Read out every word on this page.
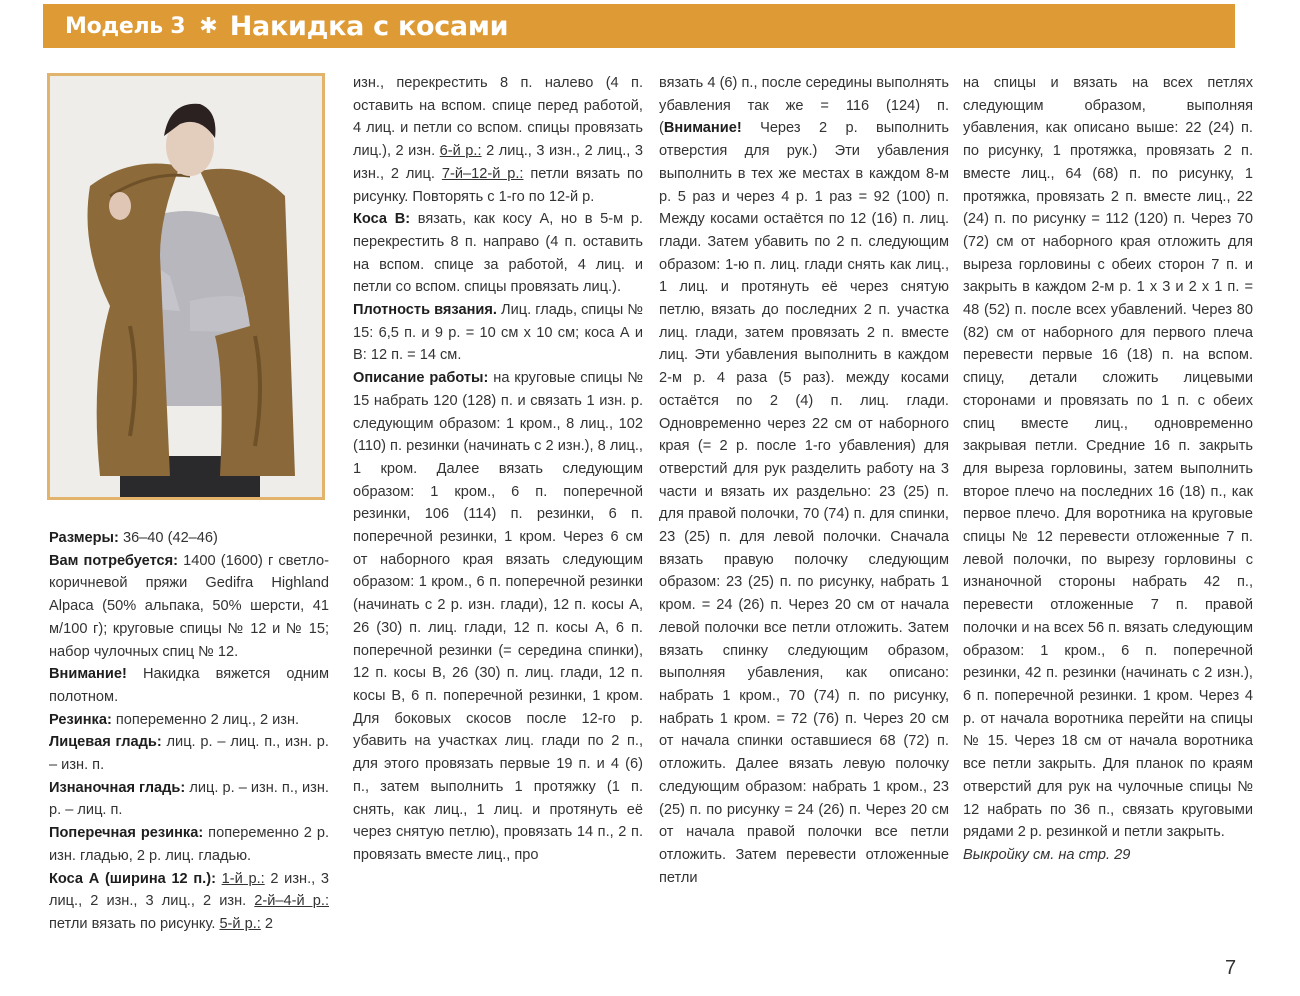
Модель 3 ✱ Накидка с косами

Размеры: 36–40 (42–46)

Вам потребуется: 1400 (1600) г светло-коричневой пряжи Gedifra Highland Alpaca (50% альпака, 50% шерсти, 41 м/100 г); круговые спицы № 12 и № 15; набор чулочных спиц № 12.

Внимание! Накидка вяжется одним полотном.

Резинка: попеременно 2 лиц., 2 изн.

Лицевая гладь: лиц. р. – лиц. п., изн. р. – изн. п.

Изнаночная гладь: лиц. р. – изн. п., изн. р. – лиц. п.

Поперечная резинка: попеременно 2 р. изн. гладью, 2 р. лиц. гладью.

Коса А (ширина 12 п.): 1-й р.: 2 изн., 3 лиц., 2 изн., 3 лиц., 2 изн. 2-й–4-й р.: петли вязать по рисунку. 5-й р.: 2

изн., перекрестить 8 п. налево (4 п. оставить на вспом. спице перед работой, 4 лиц. и петли со вспом. спицы провязать лиц.), 2 изн. 6-й р.: 2 лиц., 3 изн., 2 лиц., 3 изн., 2 лиц. 7-й–12-й р.: петли вязать по рисунку. Повторять с 1-го по 12-й р.

Коса В: вязать, как косу А, но в 5-м р. перекрестить 8 п. направо (4 п. оставить на вспом. спице за работой, 4 лиц. и петли со вспом. спицы провязать лиц.).

Плотность вязания. Лиц. гладь, спицы № 15: 6,5 п. и 9 р. = 10 см х 10 см; коса А и В: 12 п. = 14 см.

Описание работы: на круговые спицы № 15 набрать 120 (128) п. и связать 1 изн. р. следующим образом: 1 кром., 8 лиц., 102 (110) п. резинки (начинать с 2 изн.), 8 лиц., 1 кром. Далее вязать следующим образом: 1 кром., 6 п. поперечной резинки, 106 (114) п. резинки, 6 п. поперечной резинки, 1 кром. Через 6 см от наборного края вязать следующим образом: 1 кром., 6 п. поперечной резинки (начинать с 2 р. изн. глади), 12 п. косы А, 26 (30) п. лиц. глади, 12 п. косы А, 6 п. поперечной резинки (= середина спинки), 12 п. косы В, 26 (30) п. лиц. глади, 12 п. косы В, 6 п. поперечной резинки, 1 кром. Для боковых скосов после 12-го р. убавить на участках лиц. глади по 2 п., для этого провязать первые 19 п. и 4 (6) п., затем выполнить 1 протяжку (1 п. снять, как лиц., 1 лиц. и протянуть её через снятую петлю), провязать 14 п., 2 п. провязать вместе лиц., про

вязать 4 (6) п., после середины выполнять убавления так же = 116 (124) п. (Внимание! Через 2 р. выполнить отверстия для рук.) Эти убавления выполнить в тех же местах в каждом 8-м р. 5 раз и через 4 р. 1 раз = 92 (100) п. Между косами остаётся по 12 (16) п. лиц. глади. Затем убавить по 2 п. следующим образом: 1-ю п. лиц. глади снять как лиц., 1 лиц. и протянуть её через снятую петлю, вязать до последних 2 п. участка лиц. глади, затем провязать 2 п. вместе лиц. Эти убавления выполнить в каждом 2-м р. 4 раза (5 раз). между косами остаётся по 2 (4) п. лиц. глади. Одновременно через 22 см от наборного края (= 2 р. после 1-го убавления) для отверстий для рук разделить работу на 3 части и вязать их раздельно: 23 (25) п. для правой полочки, 70 (74) п. для спинки, 23 (25) п. для левой полочки. Сначала вязать правую полочку следующим образом: 23 (25) п. по рисунку, набрать 1 кром. = 24 (26) п. Через 20 см от начала левой полочки все петли отложить. Затем вязать спинку следующим образом, выполняя убавления, как описано: набрать 1 кром., 70 (74) п. по рисунку, набрать 1 кром. = 72 (76) п. Через 20 см от начала спинки оставшиеся 68 (72) п. отложить. Далее вязать левую полочку следующим образом: набрать 1 кром., 23 (25) п. по рисунку = 24 (26) п. Через 20 см от начала правой полочки все петли отложить. Затем перевести отложенные петли

на спицы и вязать на всех петлях следующим образом, выполняя убавления, как описано выше: 22 (24) п. по рисунку, 1 протяжка, провязать 2 п. вместе лиц., 64 (68) п. по рисунку, 1 протяжка, провязать 2 п. вместе лиц., 22 (24) п. по рисунку = 112 (120) п. Через 70 (72) см от наборного края отложить для выреза горловины с обеих сторон 7 п. и закрыть в каждом 2-м р. 1 х 3 и 2 х 1 п. = 48 (52) п. после всех убавлений. Через 80 (82) см от наборного для первого плеча перевести первые 16 (18) п. на вспом. спицу, детали сложить лицевыми сторонами и провязать по 1 п. с обеих спиц вместе лиц., одновременно закрывая петли. Средние 16 п. закрыть для выреза горловины, затем выполнить второе плечо на последних 16 (18) п., как первое плечо. Для воротника на круговые спицы № 12 перевести отложенные 7 п. левой полочки, по вырезу горловины с изнаночной стороны набрать 42 п., перевести отложенные 7 п. правой полочки и на всех 56 п. вязать следующим образом: 1 кром., 6 п. поперечной резинки, 42 п. резинки (начинать с 2 изн.), 6 п. поперечной резинки. 1 кром. Через 4 р. от начала воротника перейти на спицы № 15. Через 18 см от начала воротника все петли закрыть. Для планок по краям отверстий для рук на чулочные спицы № 12 набрать по 36 п., связать круговыми рядами 2 р. резинкой и петли закрыть.

Выкройку см. на стр. 29

7
